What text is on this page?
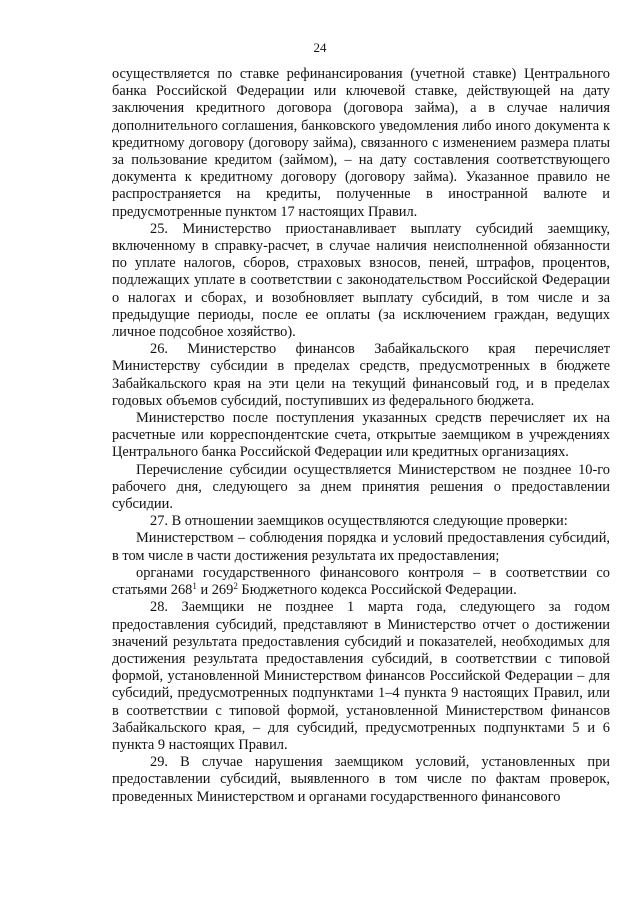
24

осуществляется по ставке рефинансирования (учетной ставке) Центрального банка Российской Федерации или ключевой ставке, действующей на дату заключения кредитного договора (договора займа), а в случае наличия дополнительного соглашения, банковского уведомления либо иного документа к кредитному договору (договору займа), связанного с изменением размера платы за пользование кредитом (займом), – на дату составления соответствующего документа к кредитному договору (договору займа). Указанное правило не распространяется на кредиты, полученные в иностранной валюте и предусмотренные пунктом 17 настоящих Правил.

25. Министерство приостанавливает выплату субсидий заемщику, включенному в справку-расчет, в случае наличия неисполненной обязанности по уплате налогов, сборов, страховых взносов, пеней, штрафов, процентов, подлежащих уплате в соответствии с законодательством Российской Федерации о налогах и сборах, и возобновляет выплату субсидий, в том числе и за предыдущие периоды, после ее оплаты (за исключением граждан, ведущих личное подсобное хозяйство).

26. Министерство финансов Забайкальского края перечисляет Министерству субсидии в пределах средств, предусмотренных в бюджете Забайкальского края на эти цели на текущий финансовый год, и в пределах годовых объемов субсидий, поступивших из федерального бюджета.

Министерство после поступления указанных средств перечисляет их на расчетные или корреспондентские счета, открытые заемщиком в учреждениях Центрального банка Российской Федерации или кредитных организациях.

Перечисление субсидии осуществляется Министерством не позднее 10-го рабочего дня, следующего за днем принятия решения о предоставлении субсидии.

27. В отношении заемщиков осуществляются следующие проверки:

Министерством – соблюдения порядка и условий предоставления субсидий, в том числе в части достижения результата их предоставления;

органами государственного финансового контроля – в соответствии со статьями $268^1$ и $269^2$ Бюджетного кодекса Российской Федерации.

28. Заемщики не позднее 1 марта года, следующего за годом предоставления субсидий, представляют в Министерство отчет о достижении значений результата предоставления субсидий и показателей, необходимых для достижения результата предоставления субсидий, в соответствии с типовой формой, установленной Министерством финансов Российской Федерации – для субсидий, предусмотренных подпунктами 1–4 пункта 9 настоящих Правил, или в соответствии с типовой формой, установленной Министерством финансов Забайкальского края, – для субсидий, предусмотренных подпунктами 5 и 6 пункта 9 настоящих Правил.

29. В случае нарушения заемщиком условий, установленных при предоставлении субсидий, выявленного в том числе по фактам проверок, проведенных Министерством и органами государственного финансового
